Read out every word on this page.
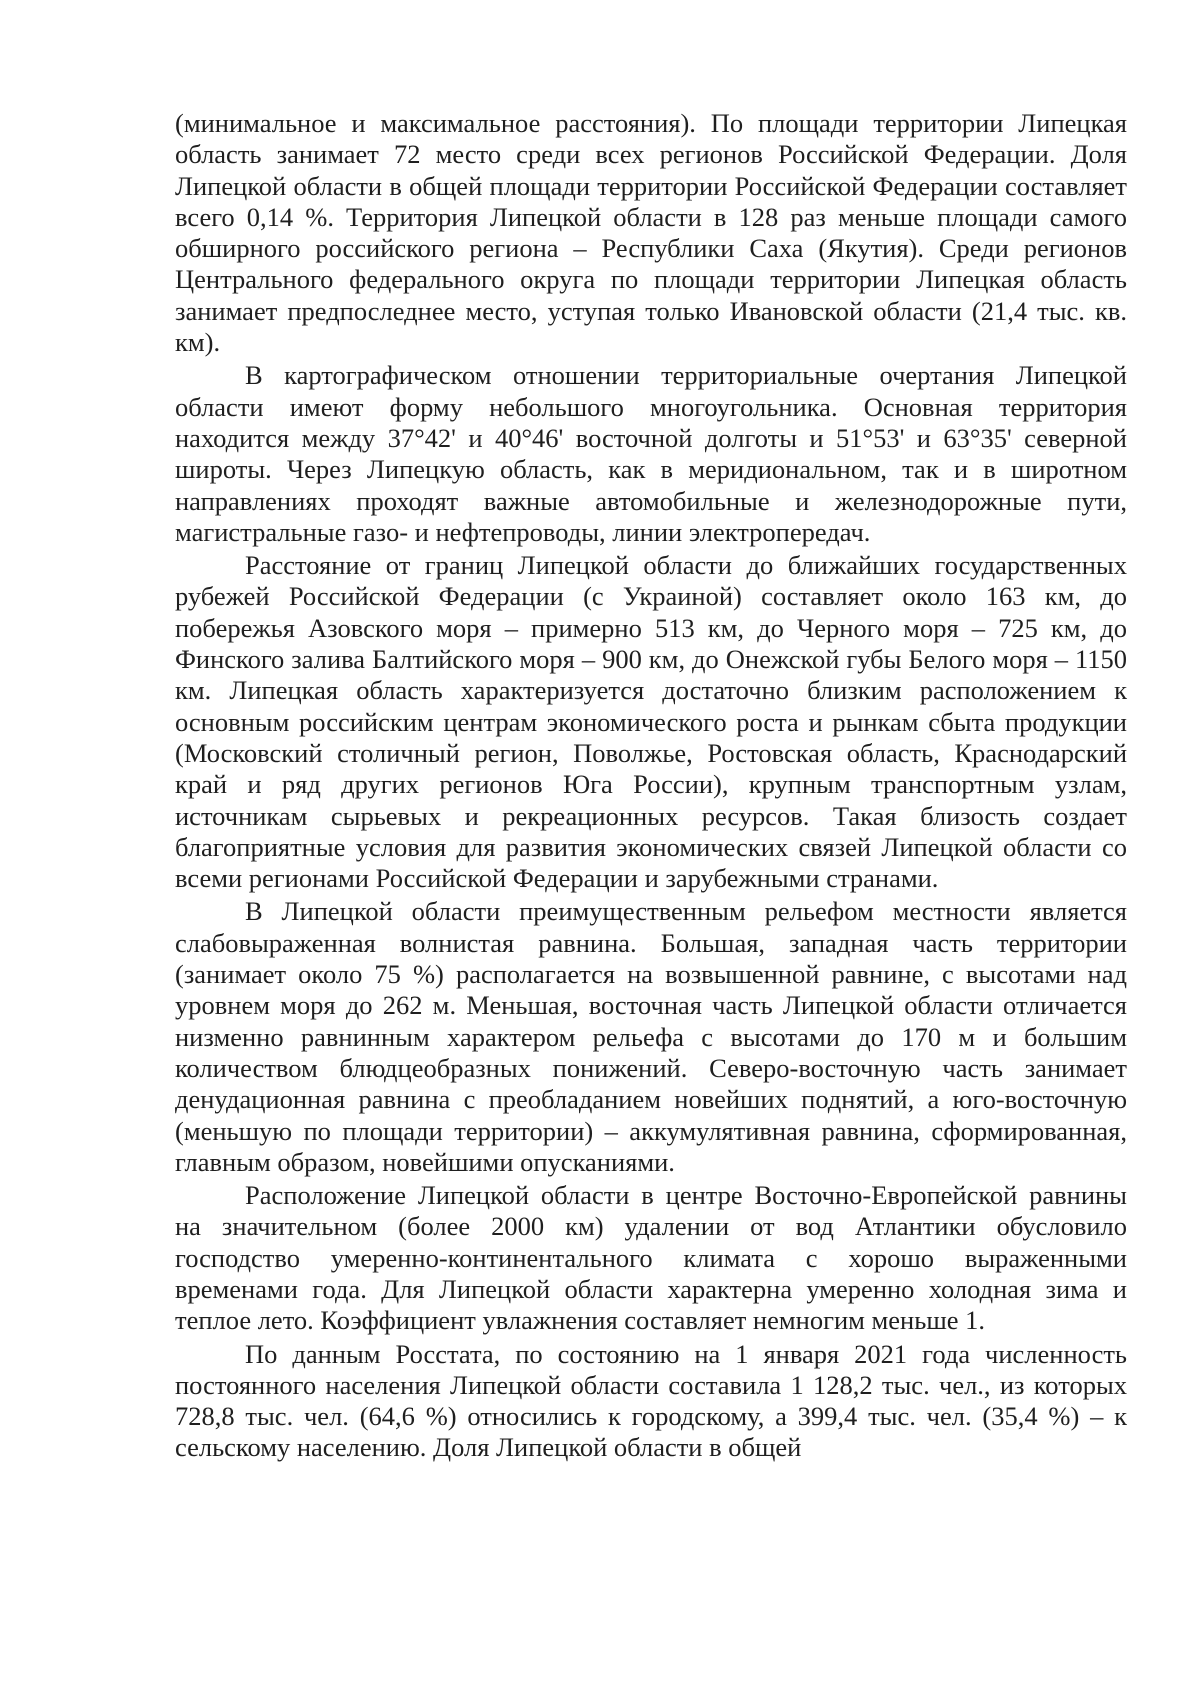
(минимальное и максимальное расстояния). По площади территории Липецкая область занимает 72 место среди всех регионов Российской Федерации. Доля Липецкой области в общей площади территории Российской Федерации составляет всего 0,14 %. Территория Липецкой области в 128 раз меньше площади самого обширного российского региона – Республики Саха (Якутия). Среди регионов Центрального федерального округа по площади территории Липецкая область занимает предпоследнее место, уступая только Ивановской области (21,4 тыс. кв. км).

В картографическом отношении территориальные очертания Липецкой области имеют форму небольшого многоугольника. Основная территория находится между 37°42' и 40°46' восточной долготы и 51°53' и 63°35' северной широты. Через Липецкую область, как в меридиональном, так и в широтном направлениях проходят важные автомобильные и железнодорожные пути, магистральные газо- и нефтепроводы, линии электропередач.

Расстояние от границ Липецкой области до ближайших государственных рубежей Российской Федерации (с Украиной) составляет около 163 км, до побережья Азовского моря – примерно 513 км, до Черного моря – 725 км, до Финского залива Балтийского моря – 900 км, до Онежской губы Белого моря – 1150 км. Липецкая область характеризуется достаточно близким расположением к основным российским центрам экономического роста и рынкам сбыта продукции (Московский столичный регион, Поволжье, Ростовская область, Краснодарский край и ряд других регионов Юга России), крупным транспортным узлам, источникам сырьевых и рекреационных ресурсов. Такая близость создает благоприятные условия для развития экономических связей Липецкой области со всеми регионами Российской Федерации и зарубежными странами.

В Липецкой области преимущественным рельефом местности является слабовыраженная волнистая равнина. Большая, западная часть территории (занимает около 75 %) располагается на возвышенной равнине, с высотами над уровнем моря до 262 м. Меньшая, восточная часть Липецкой области отличается низменно равнинным характером рельефа с высотами до 170 м и большим количеством блюдцеобразных понижений. Северо-восточную часть занимает денудационная равнина с преобладанием новейших поднятий, а юго-восточную (меньшую по площади территории) – аккумулятивная равнина, сформированная, главным образом, новейшими опусканиями.

Расположение Липецкой области в центре Восточно-Европейской равнины на значительном (более 2000 км) удалении от вод Атлантики обусловило господство умеренно-континентального климата с хорошо выраженными временами года. Для Липецкой области характерна умеренно холодная зима и теплое лето. Коэффициент увлажнения составляет немногим меньше 1.

По данным Росстата, по состоянию на 1 января 2021 года численность постоянного населения Липецкой области составила 1 128,2 тыс. чел., из которых 728,8 тыс. чел. (64,6 %) относились к городскому, а 399,4 тыс. чел. (35,4 %) – к сельскому населению. Доля Липецкой области в общей
